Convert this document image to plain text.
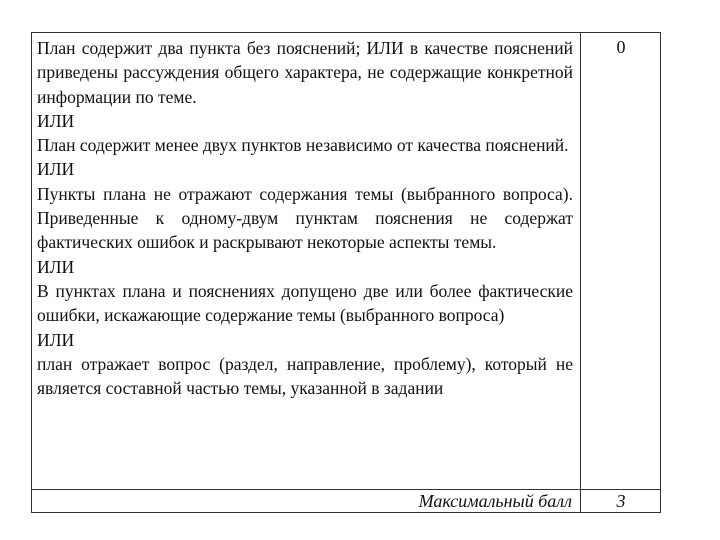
План содержит два пункта без пояснений; ИЛИ в качестве пояснений приведены рассуждения общего характера, не содержащие конкретной информации по теме.

ИЛИ

План содержит менее двух пунктов независимо от качества пояснений.

ИЛИ

Пункты плана не отражают содержания темы (выбранного вопроса). Приведенные к одному-двум пунктам пояснения не содержат фактических ошибок и раскрывают некоторые аспекты темы.

ИЛИ

В пунктах плана и пояснениях допущено две или более фактические ошибки, искажающие содержание темы (выбранного вопроса)

ИЛИ

план отражает вопрос (раздел, направление, проблему), который не является составной частью темы, указанной в задании

0
Максимальный балл	3
